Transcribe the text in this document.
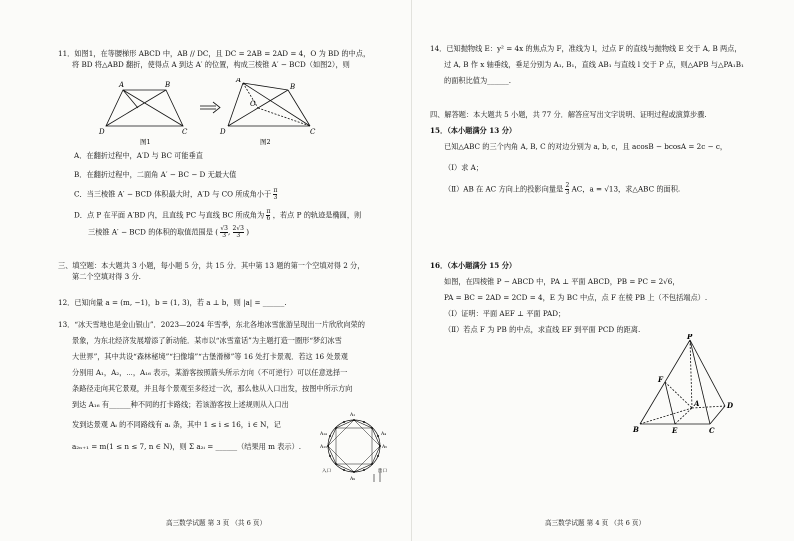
11．如图1，在等腰梯形 ABCD 中，AB // DC，且 DC = 2AB = 2AD = 4，O 为 BD 的中点，

将 BD 将△ABD 翻折，使得点 A 到达 A′ 的位置，构成三棱锥 A′ − BCD（如图2），则

A	B
D	C
图1
A′
O
B
D	C
图2

A．在翻折过程中，A′D 与 BC 可能垂直

B．在翻折过程中，二面角 A′ − BC − D 无最大值

C．当三棱锥 A′ − BCD 体积最大时，A′D 与 CO 所成角小于 $\frac{\pi}{3}$

D．点 P 在平面 A′BD 内，且直线 PC 与直线 BC 所成角为 $\frac{\pi}{6}$ ，若点 P 的轨迹是椭圆，则

三棱锥 A′ − BCD 的体积的取值范围是 ( $\frac{√3}{3}$ , $\frac{2√3}{3}$ )

三、填空题：本大题共 3 小题，每小题 5 分，共 15 分．其中第 13 题的第一个空填对得 2 分，

第二个空填对得 3 分.

12．已知向量 a = (m, −1)，b = (1, 3)，若 a ⊥ b，则 |a| = ______.

13．“冰天雪地也是金山银山”．2023—2024 年雪季，东北各地冰雪旅游呈现出一片欣欣向荣的

景象，为东北经济发展增添了新动能．某市以“冰雪童话”为主题打造一圈形“梦幻冰雪

大世界”，其中共设“森林秘境”“扫像墙”“古堡滑梯”等 16 处打卡景观．若这 16 处景观

分别用 A₁，A₂，⋯，A₁₆ 表示，某游客按照箭头所示方向（不可逆行）可以任意选择一

条路径走向其它景观，并且每个景观至多经过一次，那么他从入口出发，按图中所示方向

到达 A₁₆ 有______种不同的打卡路线；若该游客按上述规则从入口出

发到达景观 Aᵢ 的不同路线有 aᵢ 条，其中 1 ≤ i ≤ 16，i ∈ N，记

a₂ₙ₊₁ = m(1 ≤ n ≤ 7, n ∈ N)，则 Σ a₂ᵢ = ______（结果用 m 表示）.

A₁
A₄
A₅
A₁₄
A₁₃
A₉
出口
入口
高三数学试题 第 3 页 （共 6 页）

14．已知抛物线 E：y² = 4x 的焦点为 F，准线为 l，过点 F 的直线与抛物线 E 交于 A, B 两点，

过 A, B 作 x 轴垂线，垂足分别为 A₁, B₁，直线 AB₁ 与直线 l 交于 P 点，则△APB 与△PA₁B₁

的面积比值为______.

四、解答题：本大题共 5 小题，共 77 分．解答应写出文字说明、证明过程或演算步骤.

15．（本小题满分 13 分）

已知△ABC 的三个内角 A, B, C 的对边分别为 a, b, c，且 acosB − bcosA = 2c − c，

（Ⅰ）求 A；

（Ⅱ）AB 在 AC 方向上的投影向量是 $\frac{2}{3}$ AC，a = √13，求△ABC 的面积.

16．（本小题满分 15 分）

如图，在四棱锥 P − ABCD 中，PA ⊥ 平面 ABCD，PB = PC = 2√6，

PA = BC = 2AD = 2CD = 4，E 为 BC 中点，点 F 在棱 PB 上（不包括端点）.

（Ⅰ）证明：平面 AEF ⊥ 平面 PAD；

（Ⅱ）若点 F 为 PB 的中点，求直线 EF 到平面 PCD 的距离.

P
F
A
B	E	C
D
高三数学试题 第 4 页 （共 6 页）
